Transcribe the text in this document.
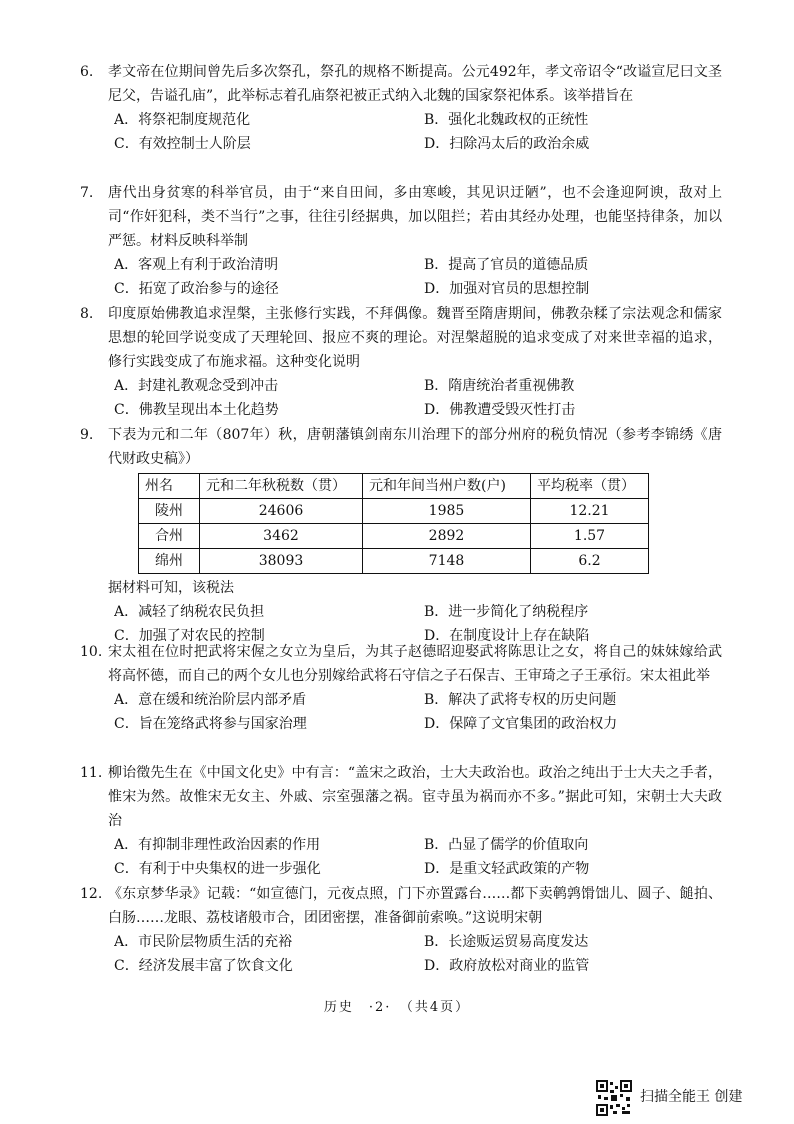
6.	孝文帝在位期间曾先后多次祭孔，祭孔的规格不断提高。公元492年，孝文帝诏令“改谥宣尼曰文圣尼父，告谥孔庙”，此举标志着孔庙祭祀被正式纳入北魏的国家祭祀体系。该举措旨在
A．将祭祀制度规范化	B．强化北魏政权的正统性
C．有效控制士人阶层	D．扫除冯太后的政治余威
7.	唐代出身贫寒的科举官员，由于“来自田间，多由寒峻，其见识迂陋”，也不会逢迎阿谀，敌对上司“作奸犯科，类不当行”之事，往往引经据典，加以阻拦；若由其经办处理，也能坚持律条，加以严惩。材料反映科举制
A．客观上有利于政治清明	B．提高了官员的道德品质
C．拓宽了政治参与的途径	D．加强对官员的思想控制
8.	印度原始佛教追求涅槃，主张修行实践，不拜偶像。魏晋至隋唐期间，佛教杂糅了宗法观念和儒家思想的轮回学说变成了天理轮回、报应不爽的理论。对涅槃超脱的追求变成了对来世幸福的追求，修行实践变成了布施求福。这种变化说明
A．封建礼教观念受到冲击	B．隋唐统治者重视佛教
C．佛教呈现出本土化趋势	D．佛教遭受毁灭性打击
9.	下表为元和二年（807年）秋，唐朝藩镇剑南东川治理下的部分州府的税负情况（参考李锦绣《唐代财政史稿》）
州名	元和二年秋税数（贯）	元和年间当州户数(户)	平均税率（贯）
陵州	24606	1985	12.21
合州	3462	2892	1.57
绵州	38093	7148	6.2
据材料可知，该税法
A．减轻了纳税农民负担	B．进一步简化了纳税程序
C．加强了对农民的控制	D．在制度设计上存在缺陷
10. 宋太祖在位时把武将宋偓之女立为皇后，为其子赵德昭迎娶武将陈思让之女，将自己的妹妹嫁给武将高怀德，而自己的两个女儿也分别嫁给武将石守信之子石保吉、王审琦之子王承衍。宋太祖此举
A．意在缓和统治阶层内部矛盾	B．解决了武将专权的历史问题
C．旨在笼络武将参与国家治理	D．保障了文官集团的政治权力
11. 柳诒徵先生在《中国文化史》中有言：“盖宋之政治，士大夫政治也。政治之纯出于士大夫之手者，惟宋为然。故惟宋无女主、外戚、宗室强藩之祸。宦寺虽为祸而亦不多。”据此可知，宋朝士大夫政治
A．有抑制非理性政治因素的作用	B．凸显了儒学的价值取向
C．有利于中央集权的进一步强化	D．是重文轻武政策的产物
12. 《东京梦华录》记载：“如宣德门，元夜点照，门下亦置露台……都下卖鹌鹑馉饳儿、圆子、䭔拍、白肠……龙眼、荔枝诸般市合，团团密摆，准备御前索唤。”这说明宋朝
A．市民阶层物质生活的充裕	B．长途贩运贸易高度发达
C．经济发展丰富了饮食文化	D．政府放松对商业的监管
历史　·2·　（共4页）
扫描全能王 创建
